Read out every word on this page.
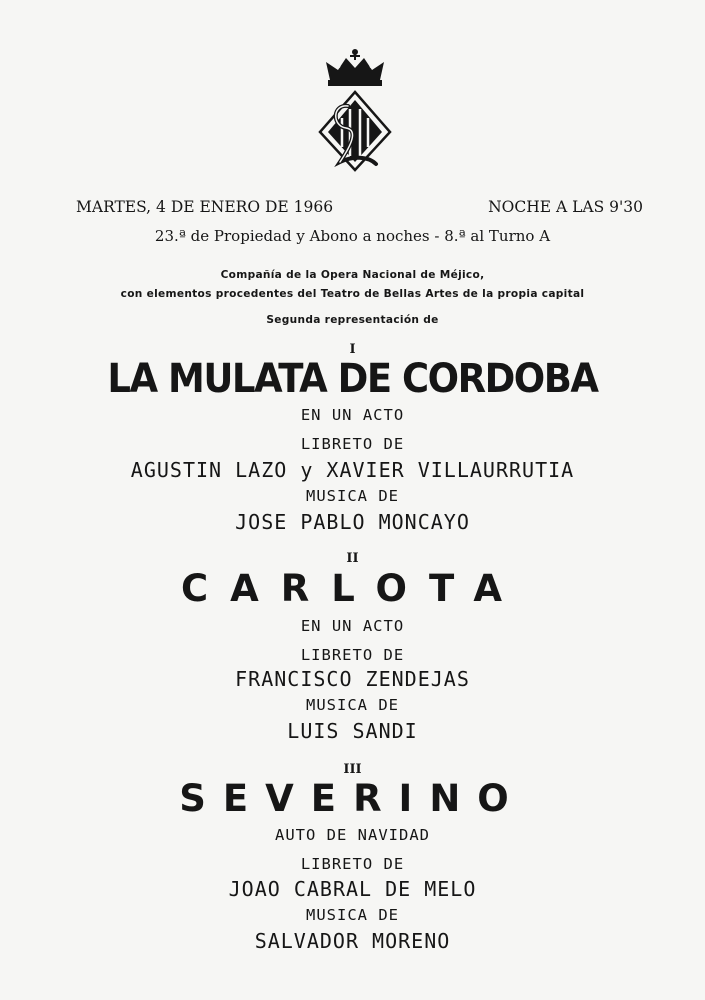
MARTES, 4 DE ENERO DE 1966	NOCHE A LAS 9'30
23.ª de Propiedad y Abono a noches - 8.ª al Turno A
Compañía de la Opera Nacional de Méjico,
con elementos procedentes del Teatro de Bellas Artes de la propia capital
Segunda representación de
I
LA MULATA DE CORDOBA
EN UN ACTO
LIBRETO DE
AGUSTIN LAZO y XAVIER VILLAURRUTIA
MUSICA DE
JOSE PABLO MONCAYO
II
CARLOTA
EN UN ACTO
LIBRETO DE
FRANCISCO ZENDEJAS
MUSICA DE
LUIS SANDI
III
SEVERINO
AUTO DE NAVIDAD
LIBRETO DE
JOAO CABRAL DE MELO
MUSICA DE
SALVADOR MORENO
